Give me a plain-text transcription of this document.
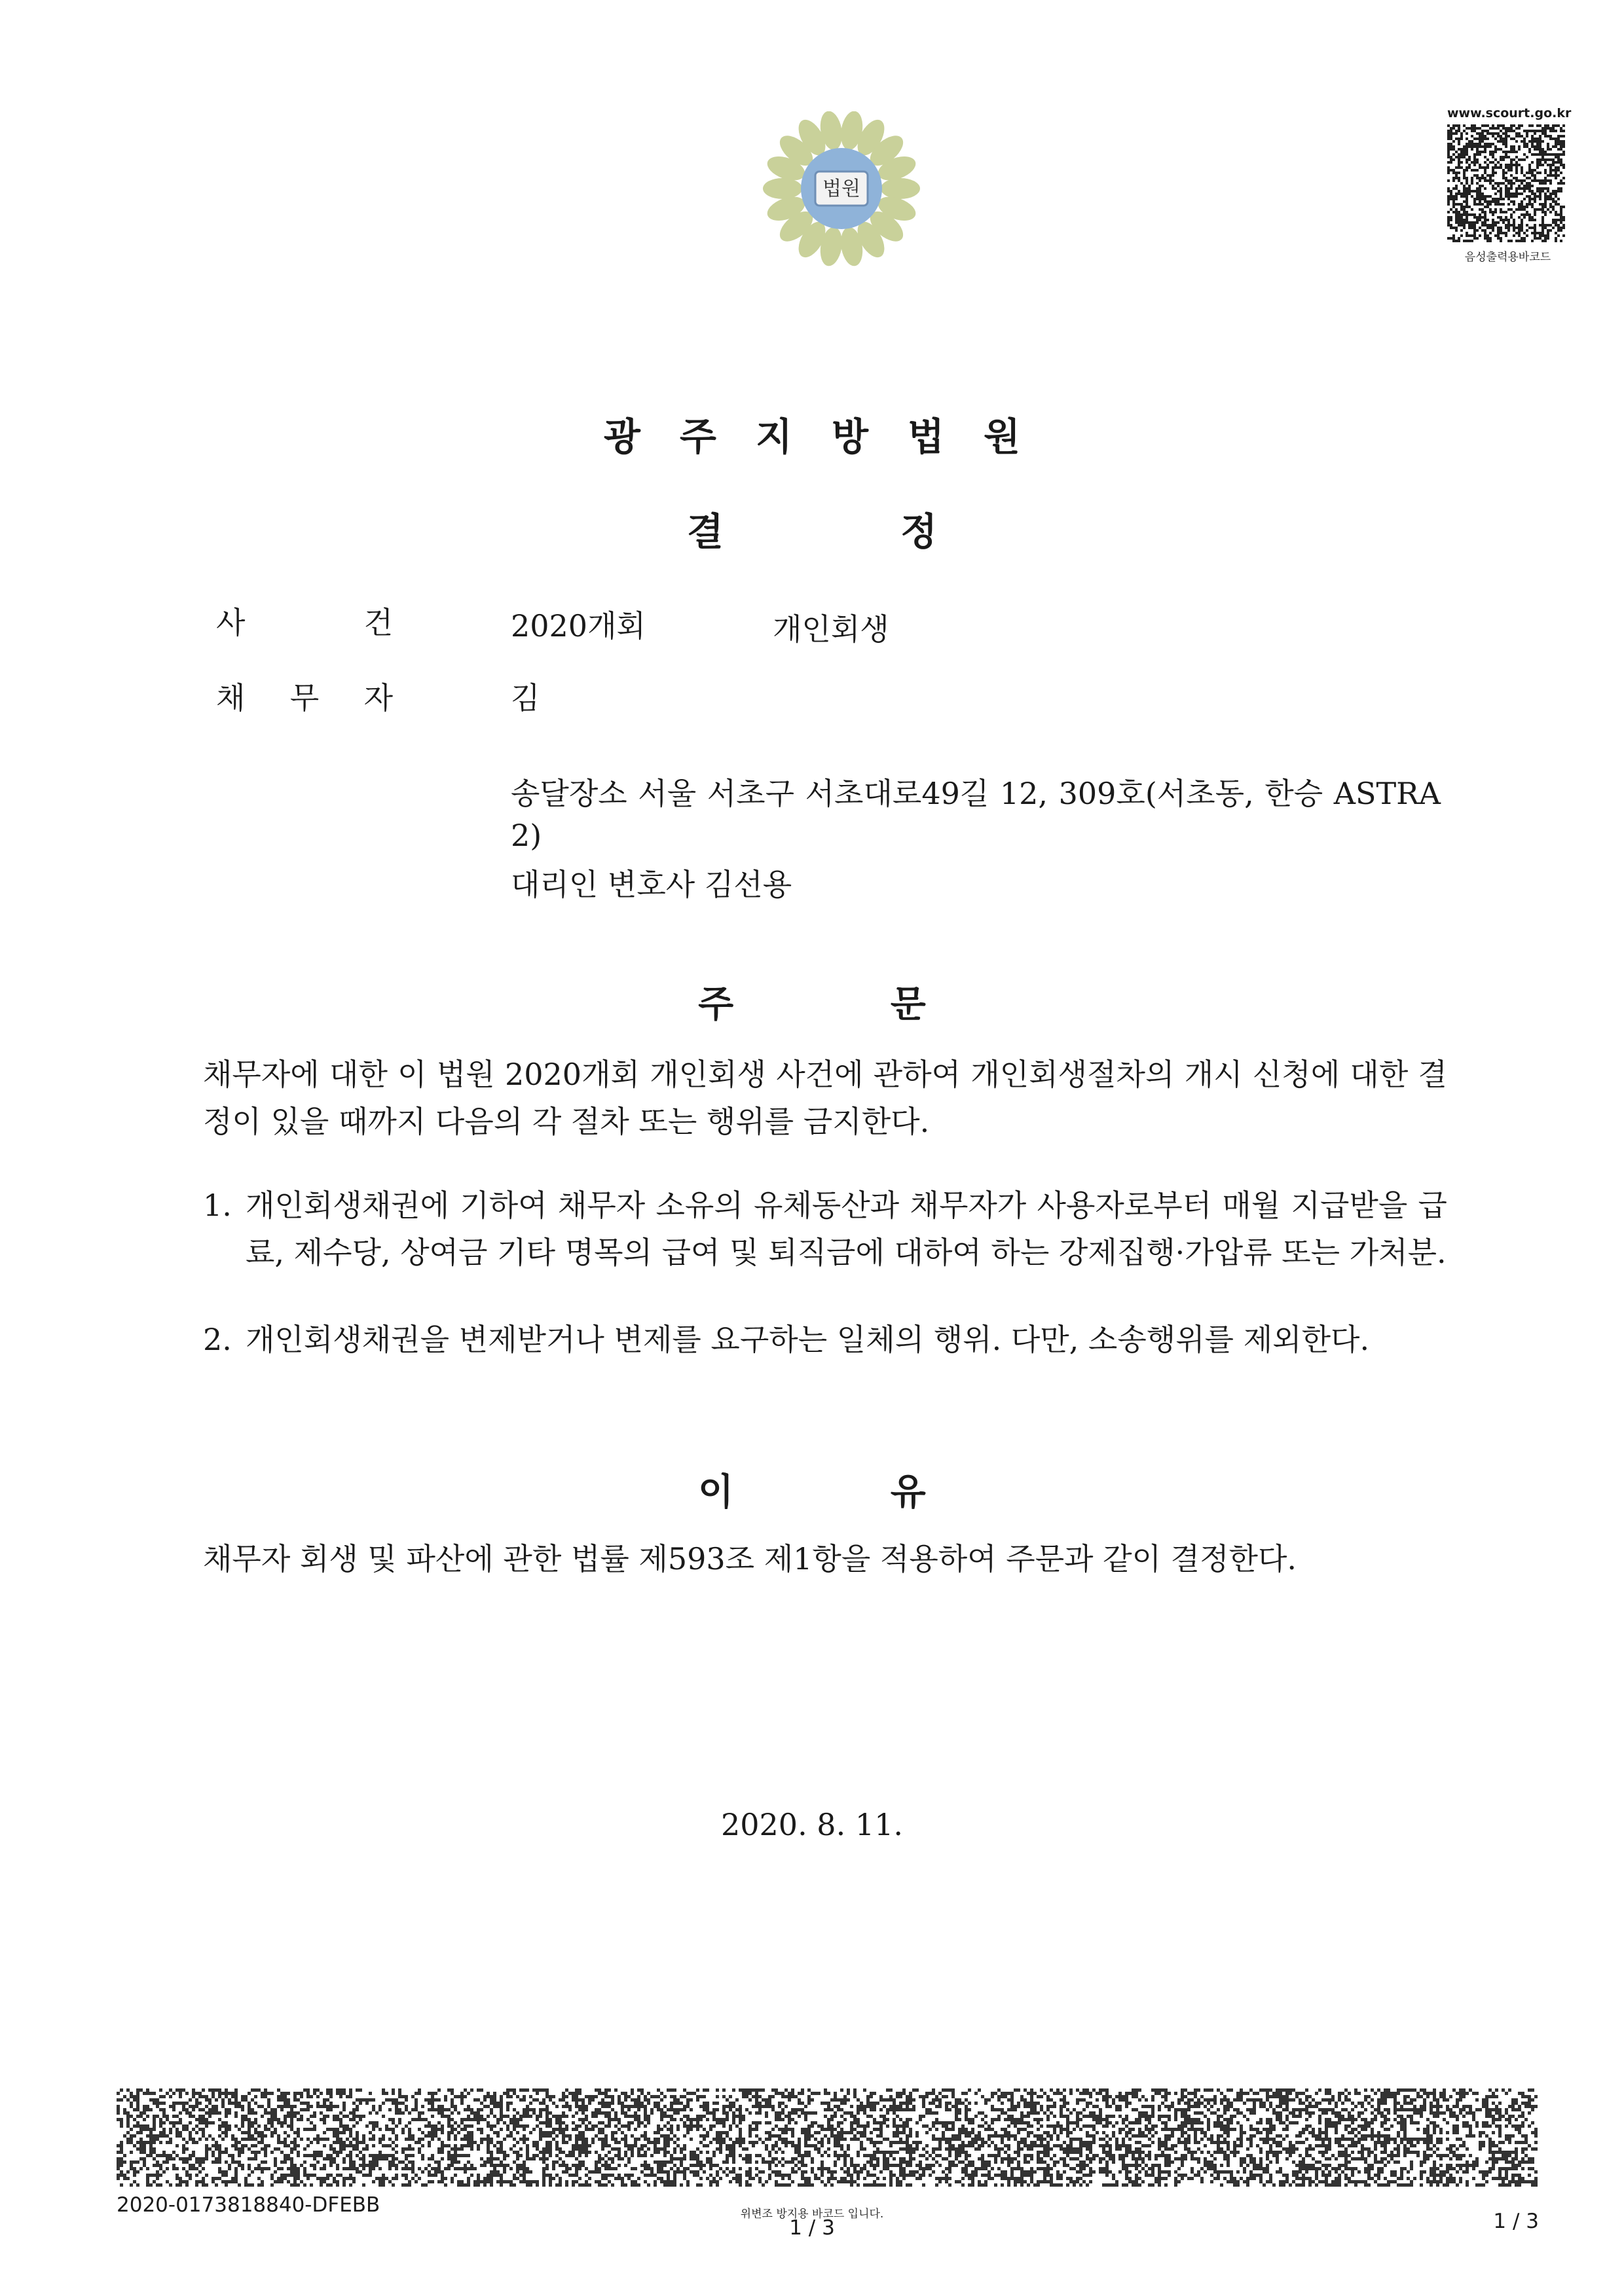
법원
www.scourt.go.kr
음성출력용바코드
광주지방법원
결 정
사	건	2020개회	개인회생
채 무 자	김
송달장소 서울 서초구 서초대로49길 12, 309호(서초동, 한승 ASTRA 2)
대리인 변호사 김선용
주 문
채무자에 대한 이 법원 2020개회 개인회생 사건에 관하여 개인회생절차의 개시 신청에 대한 결정이 있을 때까지 다음의 각 절차 또는 행위를 금지한다.
1. 개인회생채권에 기하여 채무자 소유의 유체동산과 채무자가 사용자로부터 매월 지급받을 급료, 제수당, 상여금 기타 명목의 급여 및 퇴직금에 대하여 하는 강제집행·가압류 또는 가처분.
2. 개인회생채권을 변제받거나 변제를 요구하는 일체의 행위. 다만, 소송행위를 제외한다.
이 유
채무자 회생 및 파산에 관한 법률 제593조 제1항을 적용하여 주문과 같이 결정한다.
2020. 8. 11.
2020-0173818840-DFEBB	위변조 방지용 바코드 입니다.
1 / 3	1 / 3
